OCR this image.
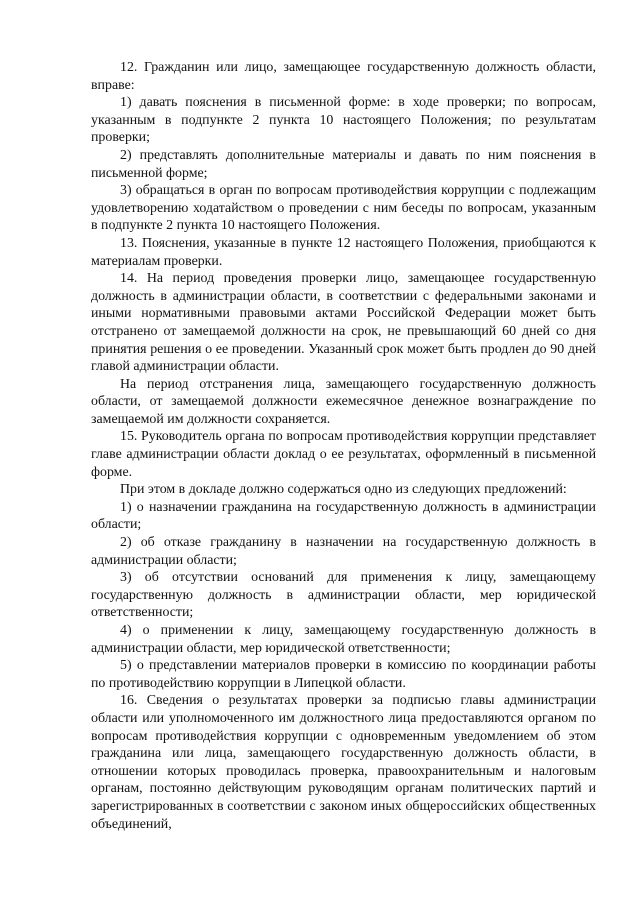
12. Гражданин или лицо, замещающее государственную должность области, вправе:

1) давать пояснения в письменной форме: в ходе проверки; по вопросам, указанным в подпункте 2 пункта 10 настоящего Положения; по результатам проверки;

2) представлять дополнительные материалы и давать по ним пояснения в письменной форме;

3) обращаться в орган по вопросам противодействия коррупции с подлежащим удовлетворению ходатайством о проведении с ним беседы по вопросам, указанным в подпункте 2 пункта 10 настоящего Положения.

13. Пояснения, указанные в пункте 12 настоящего Положения, приобщаются к материалам проверки.

14. На период проведения проверки лицо, замещающее государственную должность в администрации области, в соответствии с федеральными законами и иными нормативными правовыми актами Российской Федерации может быть отстранено от замещаемой должности на срок, не превышающий 60 дней со дня принятия решения о ее проведении. Указанный срок может быть продлен до 90 дней главой администрации области.

На период отстранения лица, замещающего государственную должность области, от замещаемой должности ежемесячное денежное вознаграждение по замещаемой им должности сохраняется.

15. Руководитель органа по вопросам противодействия коррупции представляет главе администрации области доклад о ее результатах, оформленный в письменной форме.

При этом в докладе должно содержаться одно из следующих предложений:

1) о назначении гражданина на государственную должность в администрации области;

2) об отказе гражданину в назначении на государственную должность в администрации области;

3) об отсутствии оснований для применения к лицу, замещающему государственную должность в администрации области, мер юридической ответственности;

4) о применении к лицу, замещающему государственную должность в администрации области, мер юридической ответственности;

5) о представлении материалов проверки в комиссию по координации работы по противодействию коррупции в Липецкой области.

16. Сведения о результатах проверки за подписью главы администрации области или уполномоченного им должностного лица предоставляются органом по вопросам противодействия коррупции с одновременным уведомлением об этом гражданина или лица, замещающего государственную должность области, в отношении которых проводилась проверка, правоохранительным и налоговым органам, постоянно действующим руководящим органам политических партий и зарегистрированных в соответствии с законом иных общероссийских общественных объединений,
